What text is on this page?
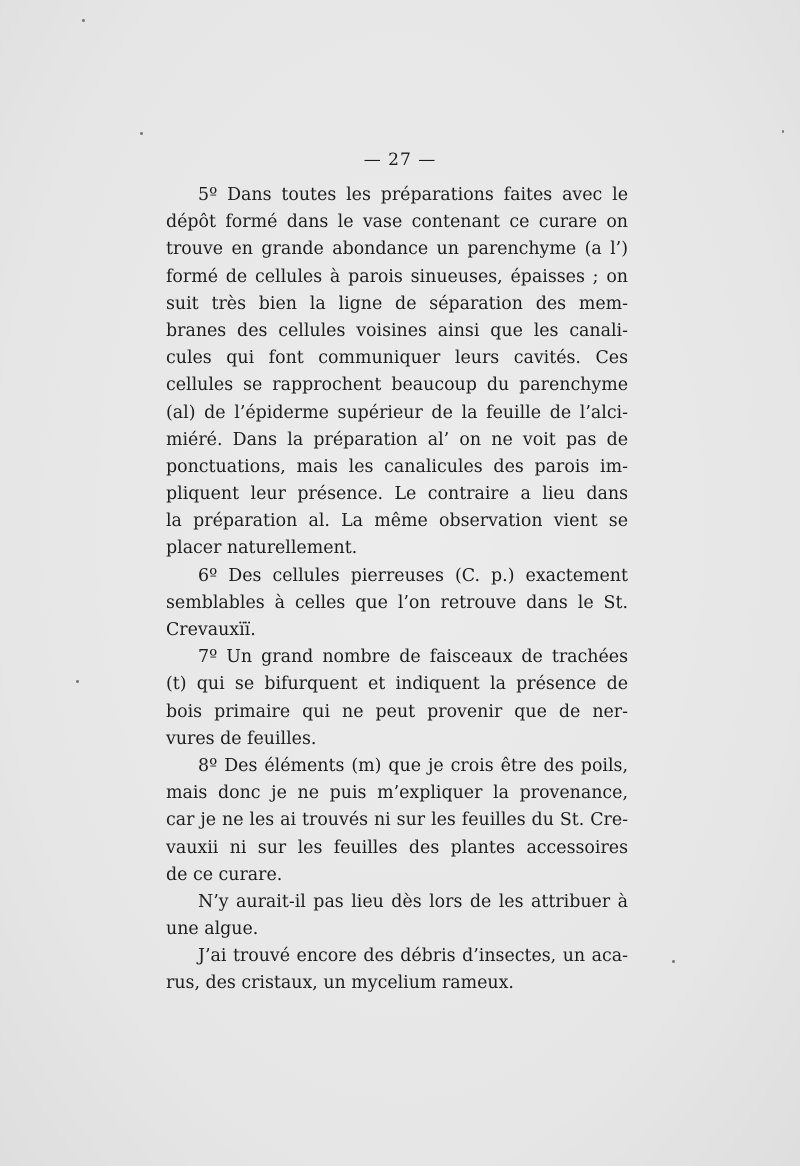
— 27 —
5º Dans toutes les préparations faites avec le
dépôt formé dans le vase contenant ce curare on
trouve en grande abondance un parenchyme (a l’)
formé de cellules à parois sinueuses, épaisses ; on
suit très bien la ligne de séparation des mem-
branes des cellules voisines ainsi que les canali-
cules qui font communiquer leurs cavités. Ces
cellules se rapprochent beaucoup du parenchyme
(al) de l’épiderme supérieur de la feuille de l’alci-
miéré. Dans la préparation al’ on ne voit pas de
ponctuations, mais les canalicules des parois im-
pliquent leur présence. Le contraire a lieu dans
la préparation al. La même observation vient se
placer naturellement.
6º Des cellules pierreuses (C. p.) exactement
semblables à celles que l’on retrouve dans le St.
Crevauxïï.
7º Un grand nombre de faisceaux de trachées
(t) qui se bifurquent et indiquent la présence de
bois primaire qui ne peut provenir que de ner-
vures de feuilles.
8º Des éléments (m) que je crois être des poils,
mais donc je ne puis m’expliquer la provenance,
car je ne les ai trouvés ni sur les feuilles du St. Cre-
vauxii ni sur les feuilles des plantes accessoires
de ce curare.
N’y aurait-il pas lieu dès lors de les attribuer à
une algue.
J’ai trouvé encore des débris d’insectes, un aca-
rus, des cristaux, un mycelium rameux.
